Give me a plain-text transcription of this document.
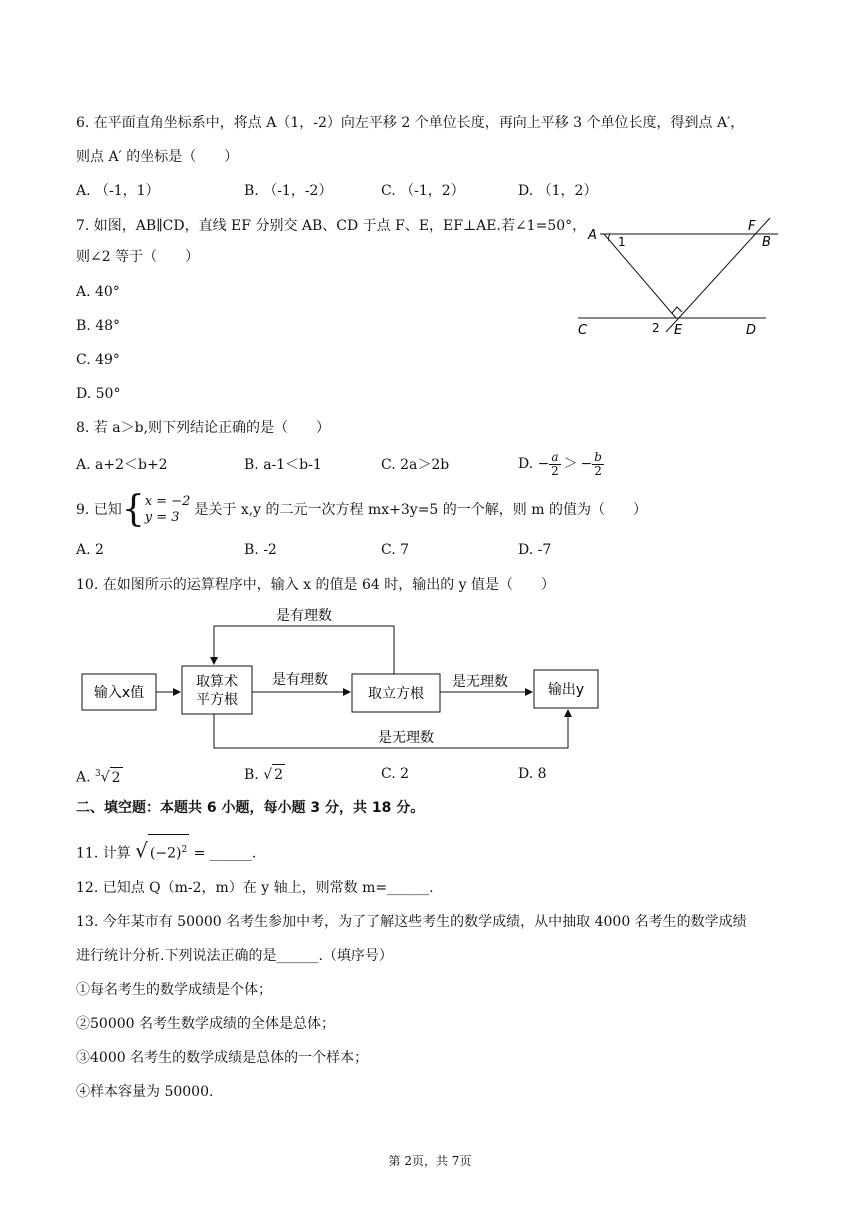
6. 在平面直角坐标系中，将点 A（1，-2）向左平移 2 个单位长度，再向上平移 3 个单位长度，得到点 A′，
则点 A′ 的坐标是（　　）
A. （-1，1）	B. （-1，-2）	C. （-1，2）	D. （1，2）
7. 如图，AB∥CD，直线 EF 分别交 AB、CD 于点 F、E，EF⊥AE.若∠1=50°，
则∠2 等于（　　）
A. 40°
B. 48°
C. 49°
D. 50°
A	B
C	D
E
F
1
2
8. 若 a＞b,则下列结论正确的是（　　）
A. a+2＜b+2	B. a-1＜b-1	C. 2a＞2b	D. − $\frac{a}{2}$ ＞ − $\frac{b}{2}$
9. 已知{ x = −2
y = 3	是关于 x,y 的二元一次方程 mx+3y=5 的一个解，则 m 的值为（　　）
A. 2	B. -2	C. 7	D. -7
10. 在如图所示的运算程序中，输入 x 的值是 64 时，输出的 y 值是（　　）
输入x值
取算术
平方根	取立方根	输出y
是有理数
是有理数	是无理数
是无理数
A. $^3$√ 2	B. √ 2	C. 2	D. 8
二、填空题：本题共 6 小题，每小题 3 分，共 18 分。
11. 计算 √ $(-2)^2$ = ______.
12. 已知点 Q（m-2，m）在 y 轴上，则常数 m=______.
13. 今年某市有 50000 名考生参加中考，为了了解这些考生的数学成绩，从中抽取 4000 名考生的数学成绩
进行统计分析.下列说法正确的是______.（填序号）
①每名考生的数学成绩是个体；
②50000 名考生数学成绩的全体是总体；
③4000 名考生的数学成绩是总体的一个样本；
④样本容量为 50000.
第 2页，共 7页
